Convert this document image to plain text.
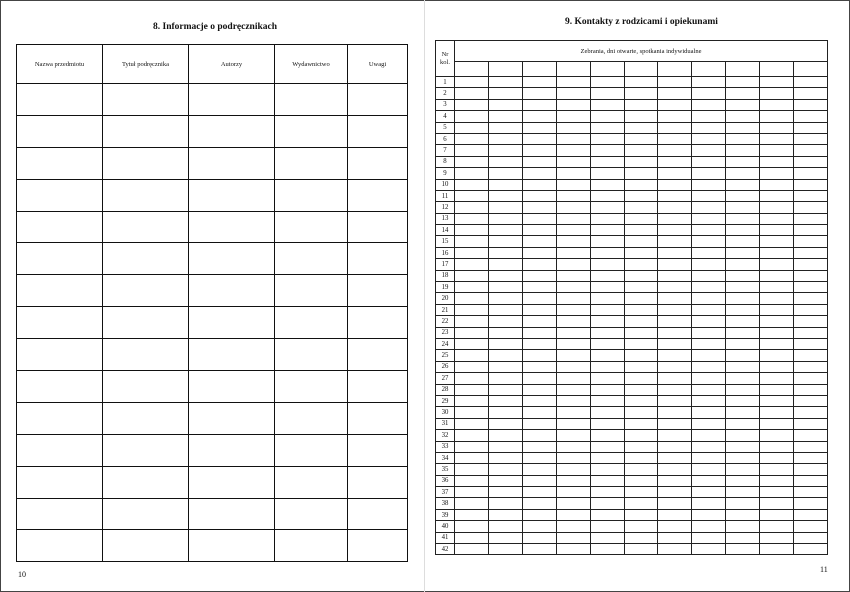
8. Informacje o podręcznikach
Nazwa przedmiotu	Tytuł podręcznika	Autorzy	Wydawnictwo	Uwagi

10
9. Kontakty z rodzicami i opiekunami
Nr
kol.	Zebrania, dni otwarte, spotkania indywidualne										

1											
2											
3											
4											
5											
6											
7											
8											
9											
10											
11											
12											
13											
14											
15											
16											
17											
18											
19											
20											
21											
22											
23											
24											
25											
26											
27											
28											
29											
30											
31											
32											
33											
34											
35											
36											
37											
38											
39											
40											
41											
42											
11
